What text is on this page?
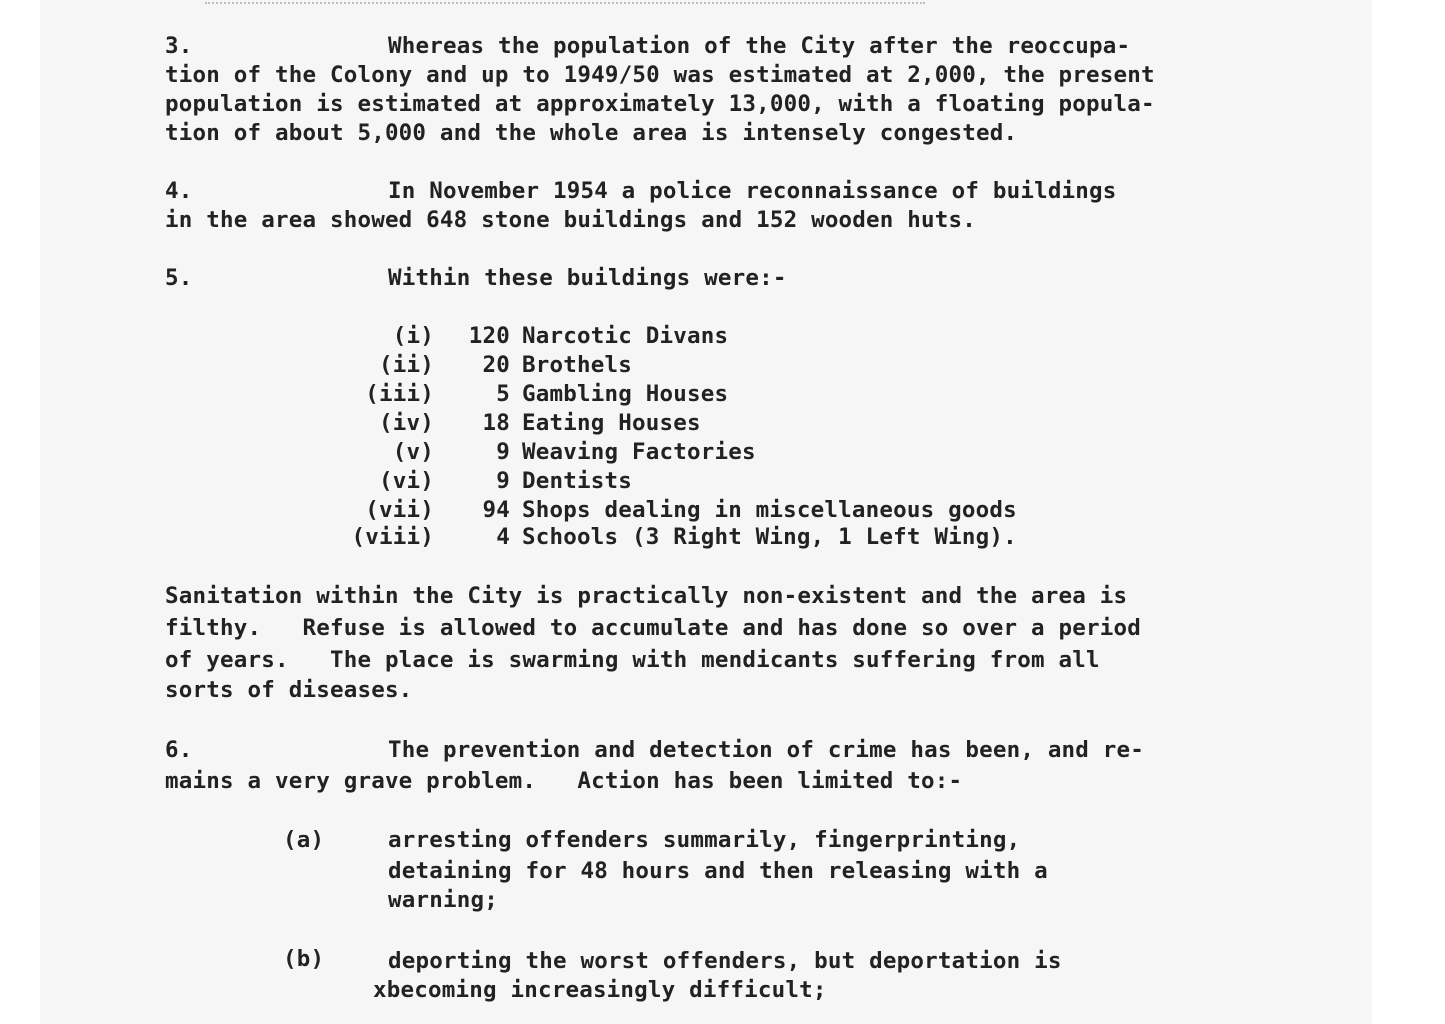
3.	Whereas the population of the City after the reoccupa-
tion of the Colony and up to 1949/50 was estimated at 2,000, the present
population is estimated at approximately 13,000, with a floating popula-
tion of about 5,000 and the whole area is intensely congested.
4.	In November 1954 a police reconnaissance of buildings
in the area showed 648 stone buildings and 152 wooden huts.
5.	Within these buildings were:-
(i)	120 Narcotic Divans
(ii)	20 Brothels
(iii)	5 Gambling Houses
(iv)	18 Eating Houses
(v)	9 Weaving Factories
(vi)	9 Dentists
(vii)	94 Shops dealing in miscellaneous goods
(viii)	4 Schools (3 Right Wing, 1 Left Wing).
Sanitation within the City is practically non-existent and the area is
filthy.   Refuse is allowed to accumulate and has done so over a period
of years.   The place is swarming with mendicants suffering from all
sorts of diseases.
6.	The prevention and detection of crime has been, and re-
mains a very grave problem.   Action has been limited to:-
(a)	arresting offenders summarily, fingerprinting,
detaining for 48 hours and then releasing with a
warning;
(b)	deporting the worst offenders, but deportation is
xbecoming increasingly difficult;
